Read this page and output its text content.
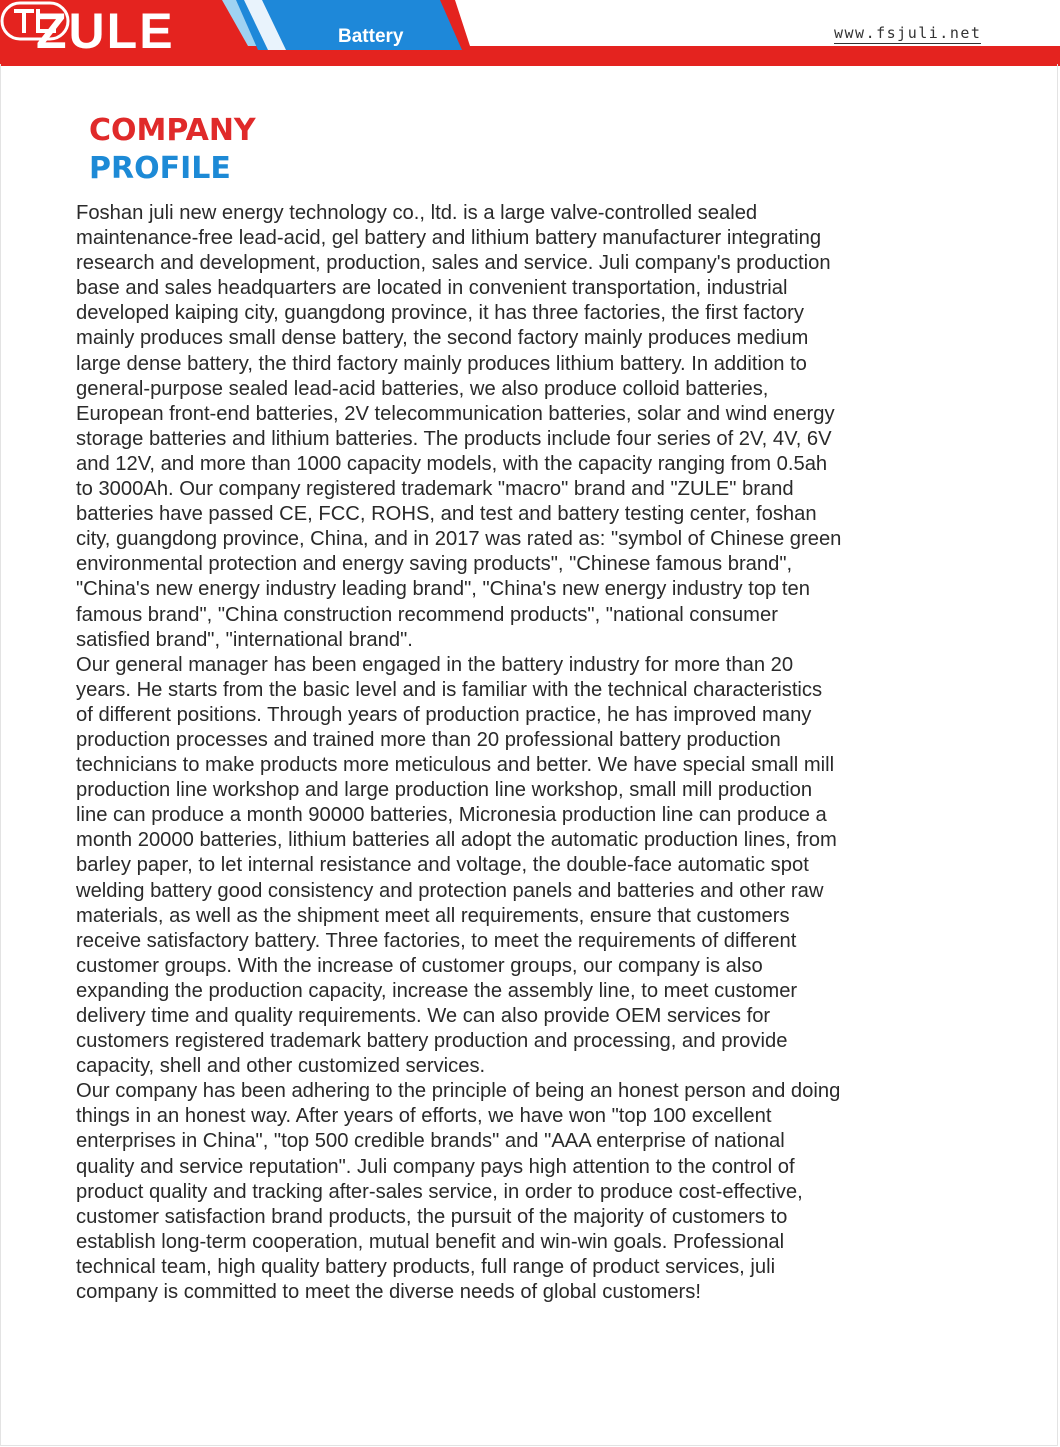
ZULE	Battery	www.fsjuli.net
COMPANY
PROFILE

Foshan juli new energy technology co., ltd. is a large valve-controlled sealed
maintenance-free lead-acid, gel battery and lithium battery manufacturer integrating
research and development, production, sales and service. Juli company's production
base and sales headquarters are located in convenient transportation, industrial
developed kaiping city, guangdong province, it has three factories, the first factory
mainly produces small dense battery, the second factory mainly produces medium
large dense battery, the third factory mainly produces lithium battery. In addition to
general-purpose sealed lead-acid batteries, we also produce colloid batteries,
European front-end batteries, 2V telecommunication batteries, solar and wind energy
storage batteries and lithium batteries. The products include four series of 2V, 4V, 6V
and 12V, and more than 1000 capacity models, with the capacity ranging from 0.5ah
to 3000Ah. Our company registered trademark "macro" brand and "ZULE" brand
batteries have passed CE, FCC, ROHS, and test and battery testing center, foshan
city, guangdong province, China, and in 2017 was rated as: "symbol of Chinese green
environmental protection and energy saving products", "Chinese famous brand",
"China's new energy industry leading brand", "China's new energy industry top ten
famous brand", "China construction recommend products", "national consumer
satisfied brand", "international brand".

Our general manager has been engaged in the battery industry for more than 20
years. He starts from the basic level and is familiar with the technical characteristics
of different positions. Through years of production practice, he has improved many
production processes and trained more than 20 professional battery production
technicians to make products more meticulous and better. We have special small mill
production line workshop and large production line workshop, small mill production
line can produce a month 90000 batteries, Micronesia production line can produce a
month 20000 batteries, lithium batteries all adopt the automatic production lines, from
barley paper, to let internal resistance and voltage, the double-face automatic spot
welding battery good consistency and protection panels and batteries and other raw
materials, as well as the shipment meet all requirements, ensure that customers
receive satisfactory battery. Three factories, to meet the requirements of different
customer groups. With the increase of customer groups, our company is also
expanding the production capacity, increase the assembly line, to meet customer
delivery time and quality requirements. We can also provide OEM services for
customers registered trademark battery production and processing, and provide
capacity, shell and other customized services.

Our company has been adhering to the principle of being an honest person and doing
things in an honest way. After years of efforts, we have won "top 100 excellent
enterprises in China", "top 500 credible brands" and "AAA enterprise of national
quality and service reputation". Juli company pays high attention to the control of
product quality and tracking after-sales service, in order to produce cost-effective,
customer satisfaction brand products, the pursuit of the majority of customers to
establish long-term cooperation, mutual benefit and win-win goals. Professional
technical team, high quality battery products, full range of product services, juli
company is committed to meet the diverse needs of global customers!
